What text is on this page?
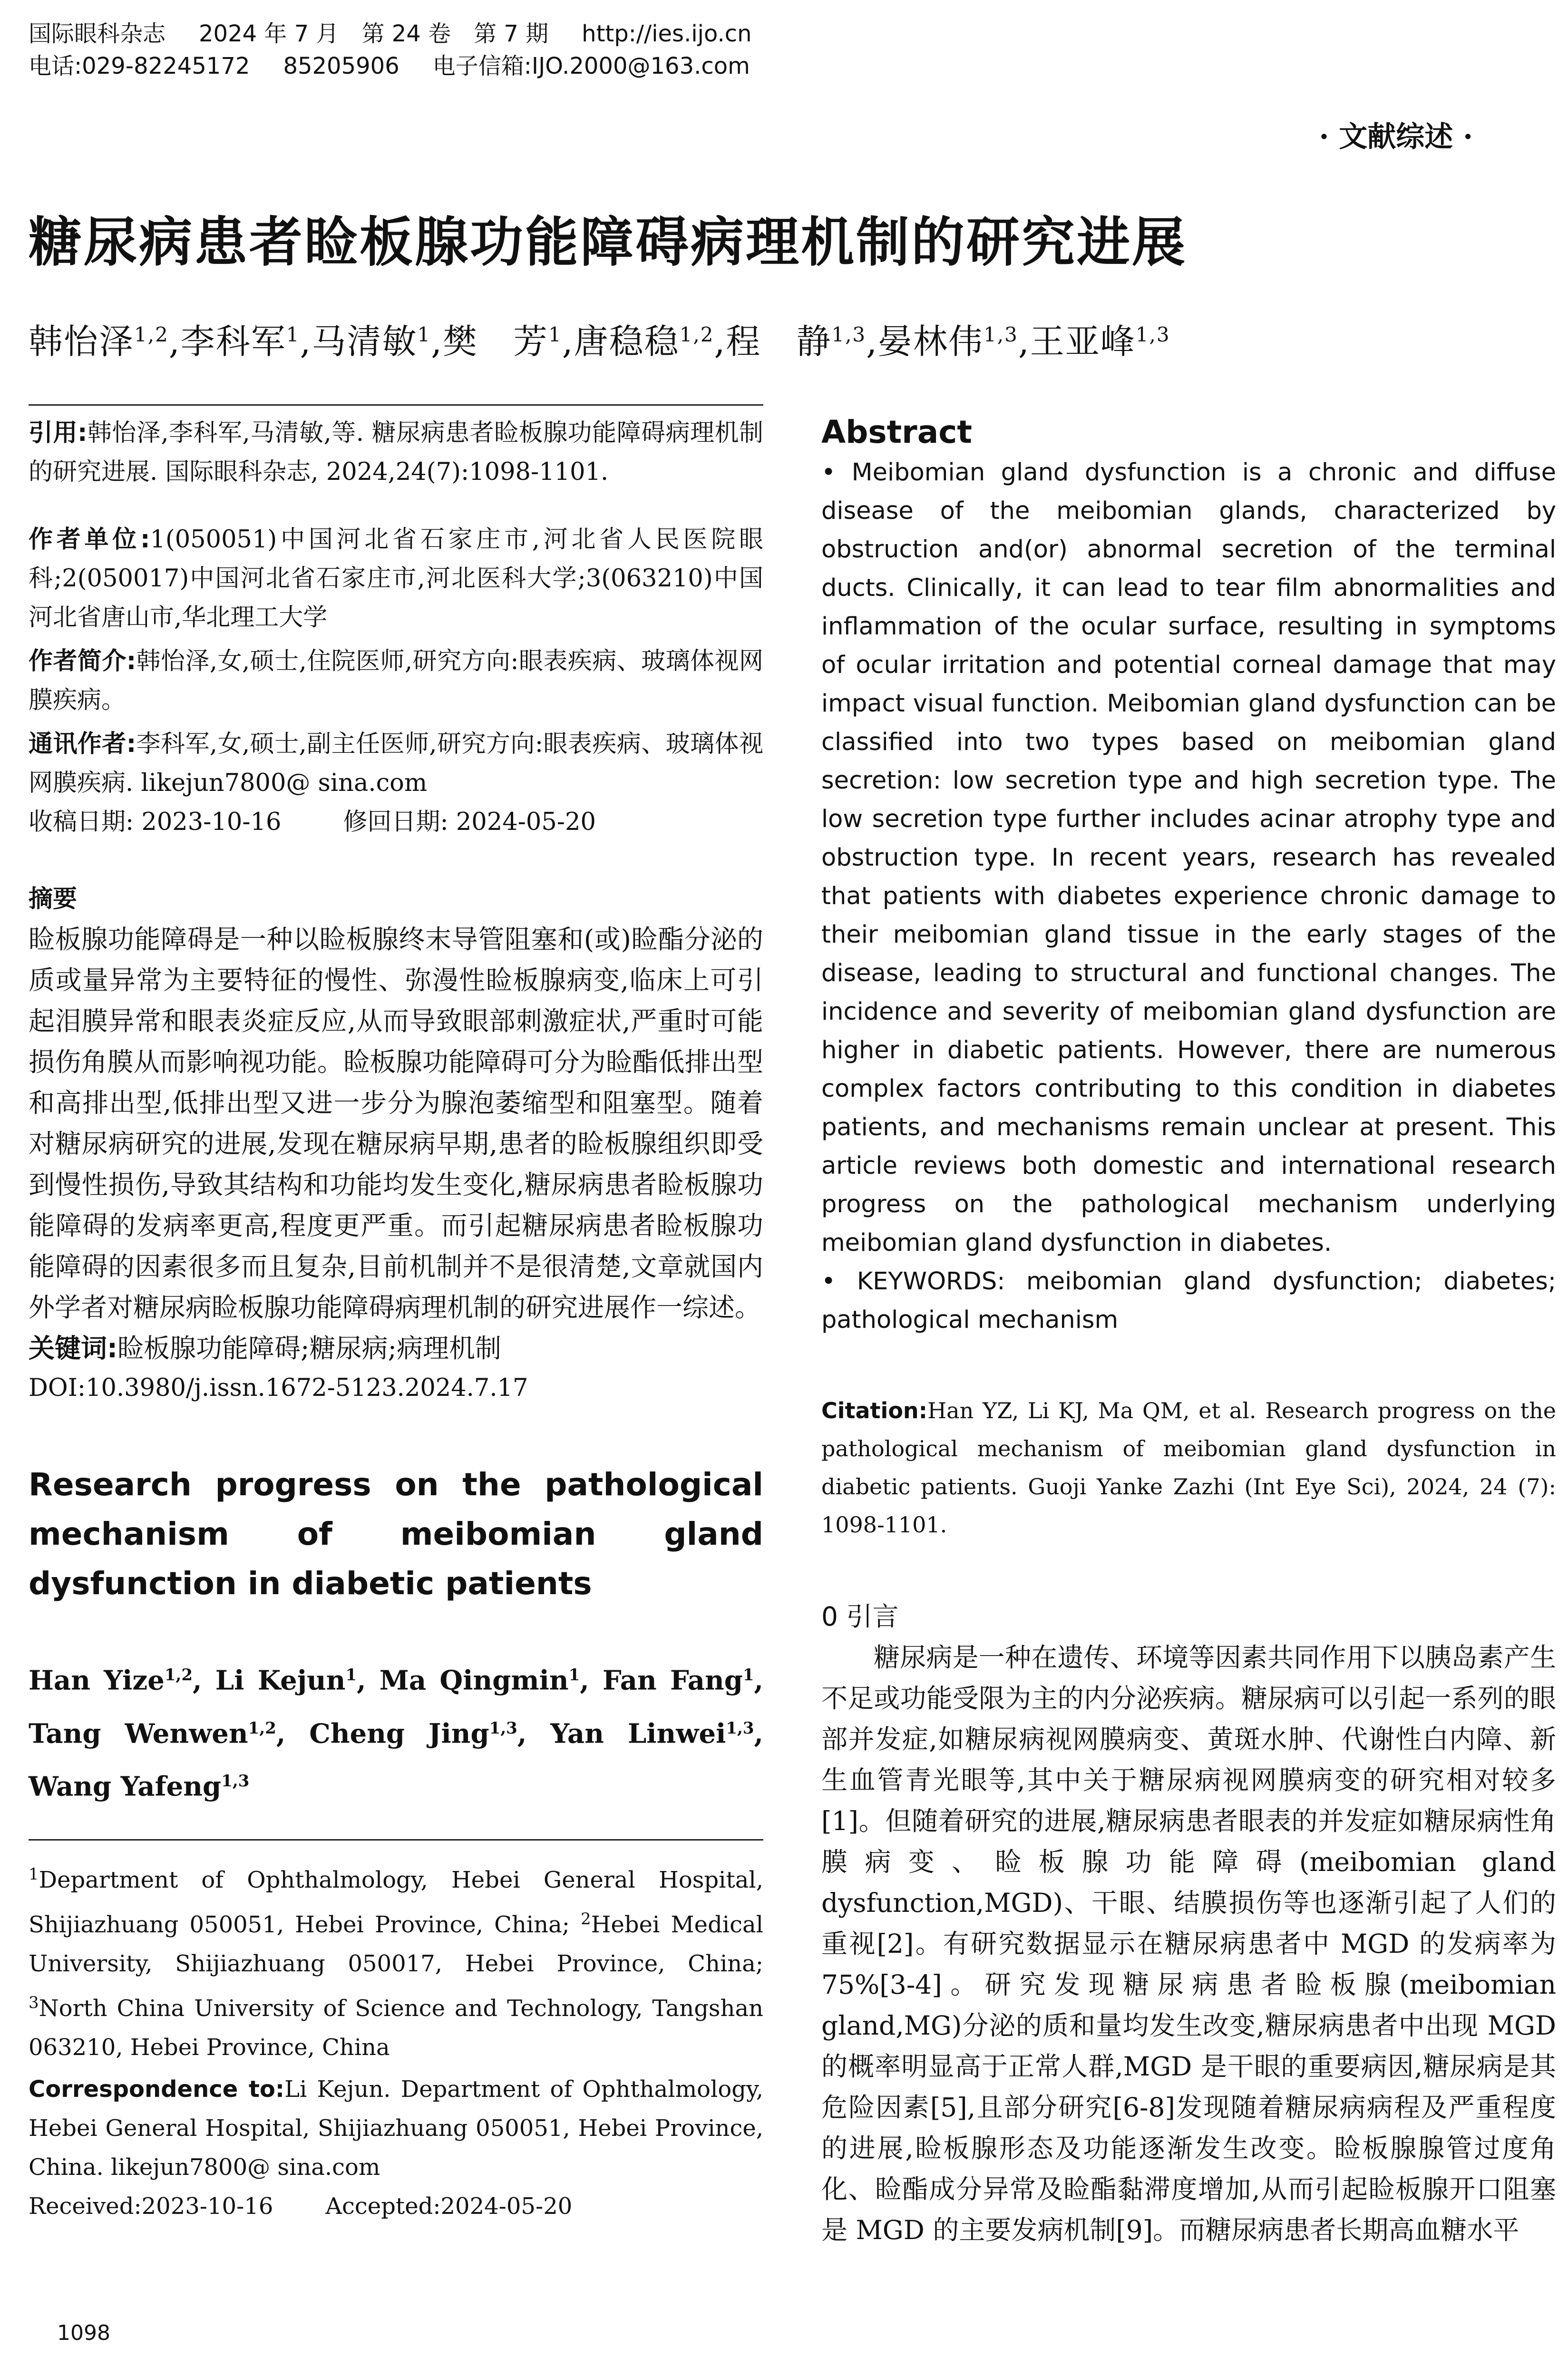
国际眼科杂志 2024 年 7 月　第 24 卷　第 7 期 http://ies.ijo.cn
电话:029-82245172 85205906 电子信箱:IJO.2000@163.com
· 文献综述 ·
糖尿病患者睑板腺功能障碍病理机制的研究进展
韩怡泽$^{1,2}$,李科军$^1$,马清敏$^1$,樊　芳$^1$,唐稳稳$^{1,2}$,程　静$^{1,3}$,晏林伟$^{1,3}$,王亚峰$^{1,3}$

引用:韩怡泽,李科军,马清敏,等. 糖尿病患者睑板腺功能障碍病理机制的研究进展. 国际眼科杂志, 2024,24(7):1098-1101.

作者单位:1(050051)中国河北省石家庄市,河北省人民医院眼科;2(050017)中国河北省石家庄市,河北医科大学;3(063210)中国河北省唐山市,华北理工大学

作者简介:韩怡泽,女,硕士,住院医师,研究方向:眼表疾病、玻璃体视网膜疾病。

通讯作者:李科军,女,硕士,副主任医师,研究方向:眼表疾病、玻璃体视网膜疾病. likejun7800@ sina.com

收稿日期: 2023-10-16	修回日期: 2024-05-20

摘要

睑板腺功能障碍是一种以睑板腺终末导管阻塞和(或)睑酯分泌的质或量异常为主要特征的慢性、弥漫性睑板腺病变,临床上可引起泪膜异常和眼表炎症反应,从而导致眼部刺激症状,严重时可能损伤角膜从而影响视功能。睑板腺功能障碍可分为睑酯低排出型和高排出型,低排出型又进一步分为腺泡萎缩型和阻塞型。随着对糖尿病研究的进展,发现在糖尿病早期,患者的睑板腺组织即受到慢性损伤,导致其结构和功能均发生变化,糖尿病患者睑板腺功能障碍的发病率更高,程度更严重。而引起糖尿病患者睑板腺功能障碍的因素很多而且复杂,目前机制并不是很清楚,文章就国内外学者对糖尿病睑板腺功能障碍病理机制的研究进展作一综述。

关键词:睑板腺功能障碍;糖尿病;病理机制

DOI:10.3980/j.issn.1672-5123.2024.7.17

Research progress on the pathological mechanism of meibomian gland dysfunction in diabetic patients

Han Yize$^{1,2}$, Li Kejun$^1$, Ma Qingmin$^1$, Fan Fang$^1$, Tang Wenwen$^{1,2}$, Cheng Jing$^{1,3}$, Yan Linwei$^{1,3}$, Wang Yafeng$^{1,3}$

$^1$Department of Ophthalmology, Hebei General Hospital, Shijiazhuang 050051, Hebei Province, China; $^2$Hebei Medical University, Shijiazhuang 050017, Hebei Province, China; $^3$North China University of Science and Technology, Tangshan 063210, Hebei Province, China

Correspondence to:Li Kejun. Department of Ophthalmology, Hebei General Hospital, Shijiazhuang 050051, Hebei Province, China. likejun7800@ sina.com

Received:2023-10-16 Accepted:2024-05-20

Abstract

• Meibomian gland dysfunction is a chronic and diffuse disease of the meibomian glands, characterized by obstruction and(or) abnormal secretion of the terminal ducts. Clinically, it can lead to tear film abnormalities and inflammation of the ocular surface, resulting in symptoms of ocular irritation and potential corneal damage that may impact visual function. Meibomian gland dysfunction can be classified into two types based on meibomian gland secretion: low secretion type and high secretion type. The low secretion type further includes acinar atrophy type and obstruction type. In recent years, research has revealed that patients with diabetes experience chronic damage to their meibomian gland tissue in the early stages of the disease, leading to structural and functional changes. The incidence and severity of meibomian gland dysfunction are higher in diabetic patients. However, there are numerous complex factors contributing to this condition in diabetes patients, and mechanisms remain unclear at present. This article reviews both domestic and international research progress on the pathological mechanism underlying meibomian gland dysfunction in diabetes.

• KEYWORDS: meibomian gland dysfunction; diabetes; pathological mechanism

Citation:Han YZ, Li KJ, Ma QM, et al. Research progress on the pathological mechanism of meibomian gland dysfunction in diabetic patients. Guoji Yanke Zazhi (Int Eye Sci), 2024, 24 (7): 1098-1101.

0 引言

糖尿病是一种在遗传、环境等因素共同作用下以胰岛素产生不足或功能受限为主的内分泌疾病。糖尿病可以引起一系列的眼部并发症,如糖尿病视网膜病变、黄斑水肿、代谢性白内障、新生血管青光眼等,其中关于糖尿病视网膜病变的研究相对较多[1]。但随着研究的进展,糖尿病患者眼表的并发症如糖尿病性角膜病变、睑板腺功能障碍(meibomian gland dysfunction,MGD)、干眼、结膜损伤等也逐渐引起了人们的重视[2]。有研究数据显示在糖尿病患者中 MGD 的发病率为 75%[3-4]。研究发现糖尿病患者睑板腺(meibomian gland,MG)分泌的质和量均发生改变,糖尿病患者中出现 MGD 的概率明显高于正常人群,MGD 是干眼的重要病因,糖尿病是其危险因素[5],且部分研究[6-8]发现随着糖尿病病程及严重程度的进展,睑板腺形态及功能逐渐发生改变。睑板腺腺管过度角化、睑酯成分异常及睑酯黏滞度增加,从而引起睑板腺开口阻塞是 MGD 的主要发病机制[9]。而糖尿病患者长期高血糖水平

1098
